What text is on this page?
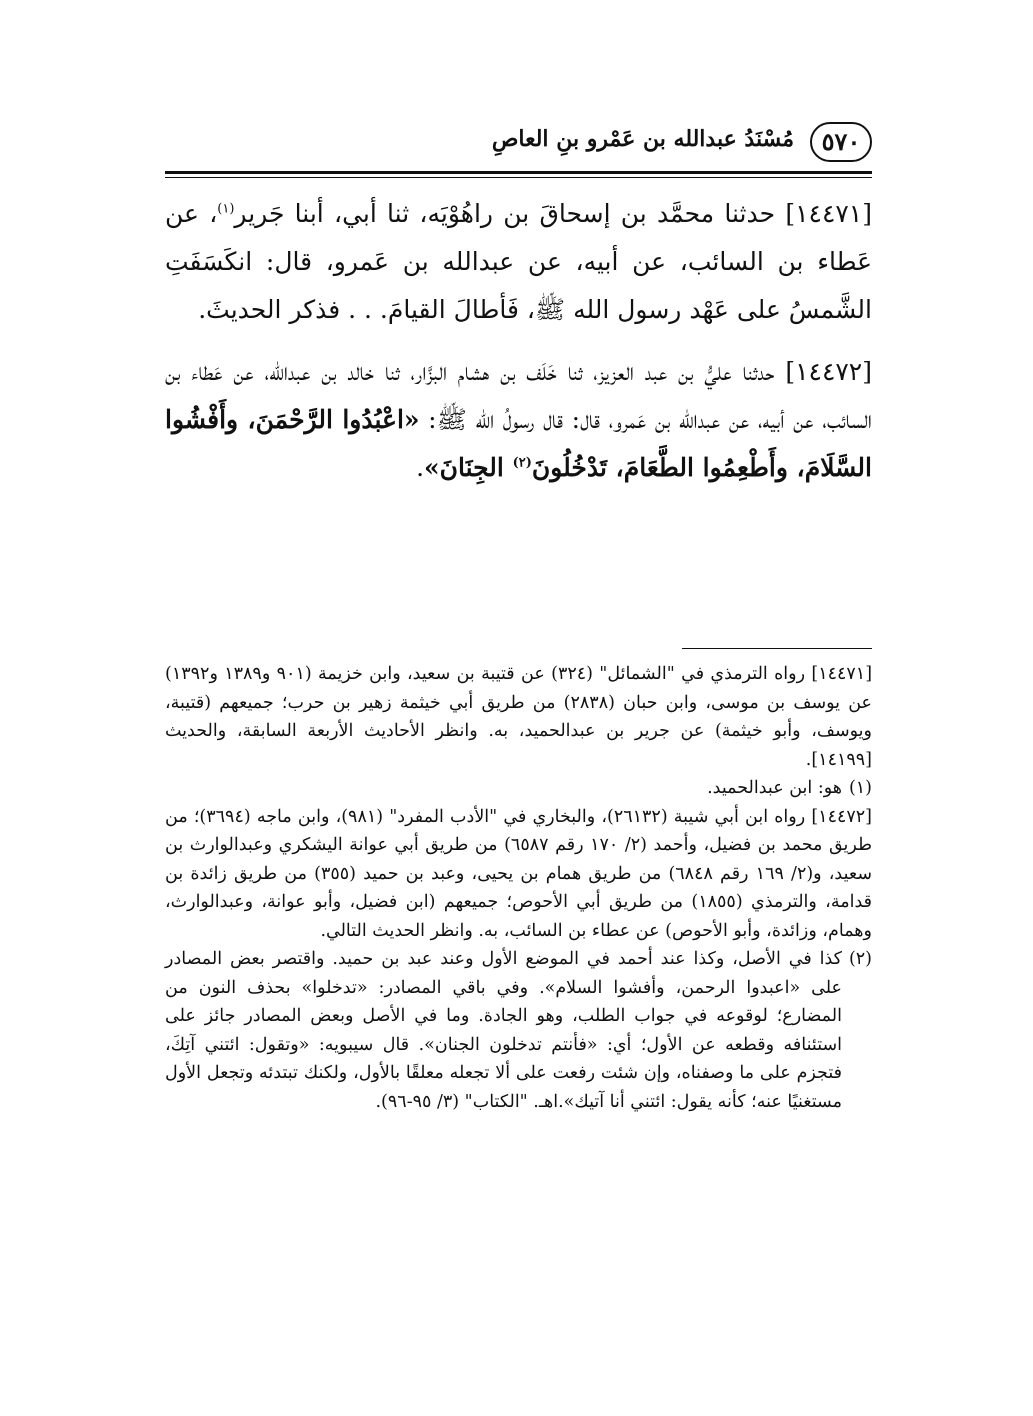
٥٧٠
مُسْنَدُ عبدالله بن عَمْرو بنِ العاصِ

[١٤٤٧١] حدثنا محمَّد بن إسحاقَ بن راهُوْيَه، ثنا أبي، أبنا جَرير$^{(١)}$، عن عَطاء بن السائب، عن أبيه، عن عبدالله بن عَمرو، قال: انكَسَفَتِ الشَّمسُ على عَهْد رسول الله ﷺ، فَأطالَ القيامَ. . . فذكر الحديثَ.

[١٤٤٧٢] حدثنا عليُّ بن عبد العزيز، ثنا خَلَف بن هشام البزَّار، ثنا خالد بن عبدالله، عن عَطاء بن السائب، عن أبيه، عن عبدالله بن عَمرو، قال: قال رسولُ الله ﷺ: «اعْبُدُوا الرَّحْمَنَ، وأَفْشُوا السَّلَامَ، وأَطْعِمُوا الطَّعَامَ، تَدْخُلُونَ$^{(٢)}$ الجِنَانَ».

[١٤٤٧١] رواه الترمذي في "الشمائل" (٣٢٤) عن قتيبة بن سعيد، وابن خزيمة (٩٠١ و١٣٨٩ و١٣٩٢) عن يوسف بن موسى، وابن حبان (٢٨٣٨) من طريق أبي خيثمة زهير بن حرب؛ جميعهم (قتيبة، ويوسف، وأبو خيثمة) عن جرير بن عبدالحميد، به. وانظر الأحاديث الأربعة السابقة، والحديث [١٤١٩٩].

(١)هو: ابن عبدالحميد.

[١٤٤٧٢] رواه ابن أبي شيبة (٢٦١٣٢)، والبخاري في "الأدب المفرد" (٩٨١)، وابن ماجه (٣٦٩٤)؛ من طريق محمد بن فضيل، وأحمد (٢/ ١٧٠ رقم ٦٥٨٧) من طريق أبي عوانة اليشكري وعبدالوارث بن سعيد، و(٢/ ١٦٩ رقم ٦٨٤٨) من طريق همام بن يحيى، وعبد بن حميد (٣٥٥) من طريق زائدة بن قدامة، والترمذي (١٨٥٥) من طريق أبي الأحوص؛ جميعهم (ابن فضيل، وأبو عوانة، وعبدالوارث، وهمام، وزائدة، وأبو الأحوص) عن عطاء بن السائب، به. وانظر الحديث التالي.

(٢)كذا في الأصل، وكذا عند أحمد في الموضع الأول وعند عبد بن حميد. واقتصر بعض المصادر على «اعبدوا الرحمن، وأفشوا السلام». وفي باقي المصادر: «تدخلوا» بحذف النون من المضارع؛ لوقوعه في جواب الطلب، وهو الجادة. وما في الأصل وبعض المصادر جائز على استئنافه وقطعه عن الأول؛ أي: «فأنتم تدخلون الجنان». قال سيبويه: «وتقول: ائتني آتِكَ، فتجزم على ما وصفناه، وإن شئت رفعت على ألا تجعله معلقًا بالأول، ولكنك تبتدئه وتجعل الأول مستغنيًا عنه؛ كأنه يقول: ائتني أنا آتيك».اهـ. "الكتاب" (٣/ ٩٥-٩٦).
